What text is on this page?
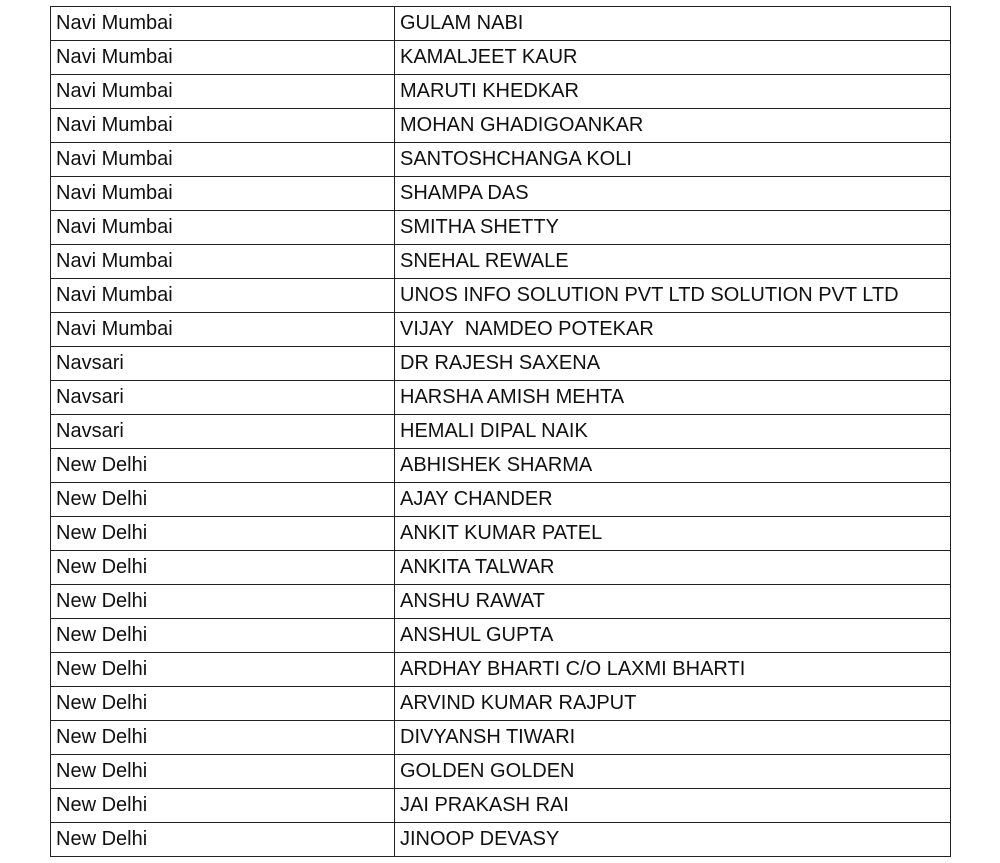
Navi Mumbai	GULAM NABI
Navi Mumbai	KAMALJEET KAUR
Navi Mumbai	MARUTI KHEDKAR
Navi Mumbai	MOHAN GHADIGOANKAR
Navi Mumbai	SANTOSHCHANGA KOLI
Navi Mumbai	SHAMPA DAS
Navi Mumbai	SMITHA SHETTY
Navi Mumbai	SNEHAL REWALE
Navi Mumbai	UNOS INFO SOLUTION PVT LTD SOLUTION PVT LTD
Navi Mumbai	VIJAY  NAMDEO POTEKAR
Navsari	DR RAJESH SAXENA
Navsari	HARSHA AMISH MEHTA
Navsari	HEMALI DIPAL NAIK
New Delhi	ABHISHEK SHARMA
New Delhi	AJAY CHANDER
New Delhi	ANKIT KUMAR PATEL
New Delhi	ANKITA TALWAR
New Delhi	ANSHU RAWAT
New Delhi	ANSHUL GUPTA
New Delhi	ARDHAY BHARTI C/O LAXMI BHARTI
New Delhi	ARVIND KUMAR RAJPUT
New Delhi	DIVYANSH TIWARI
New Delhi	GOLDEN GOLDEN
New Delhi	JAI PRAKASH RAI
New Delhi	JINOOP DEVASY
